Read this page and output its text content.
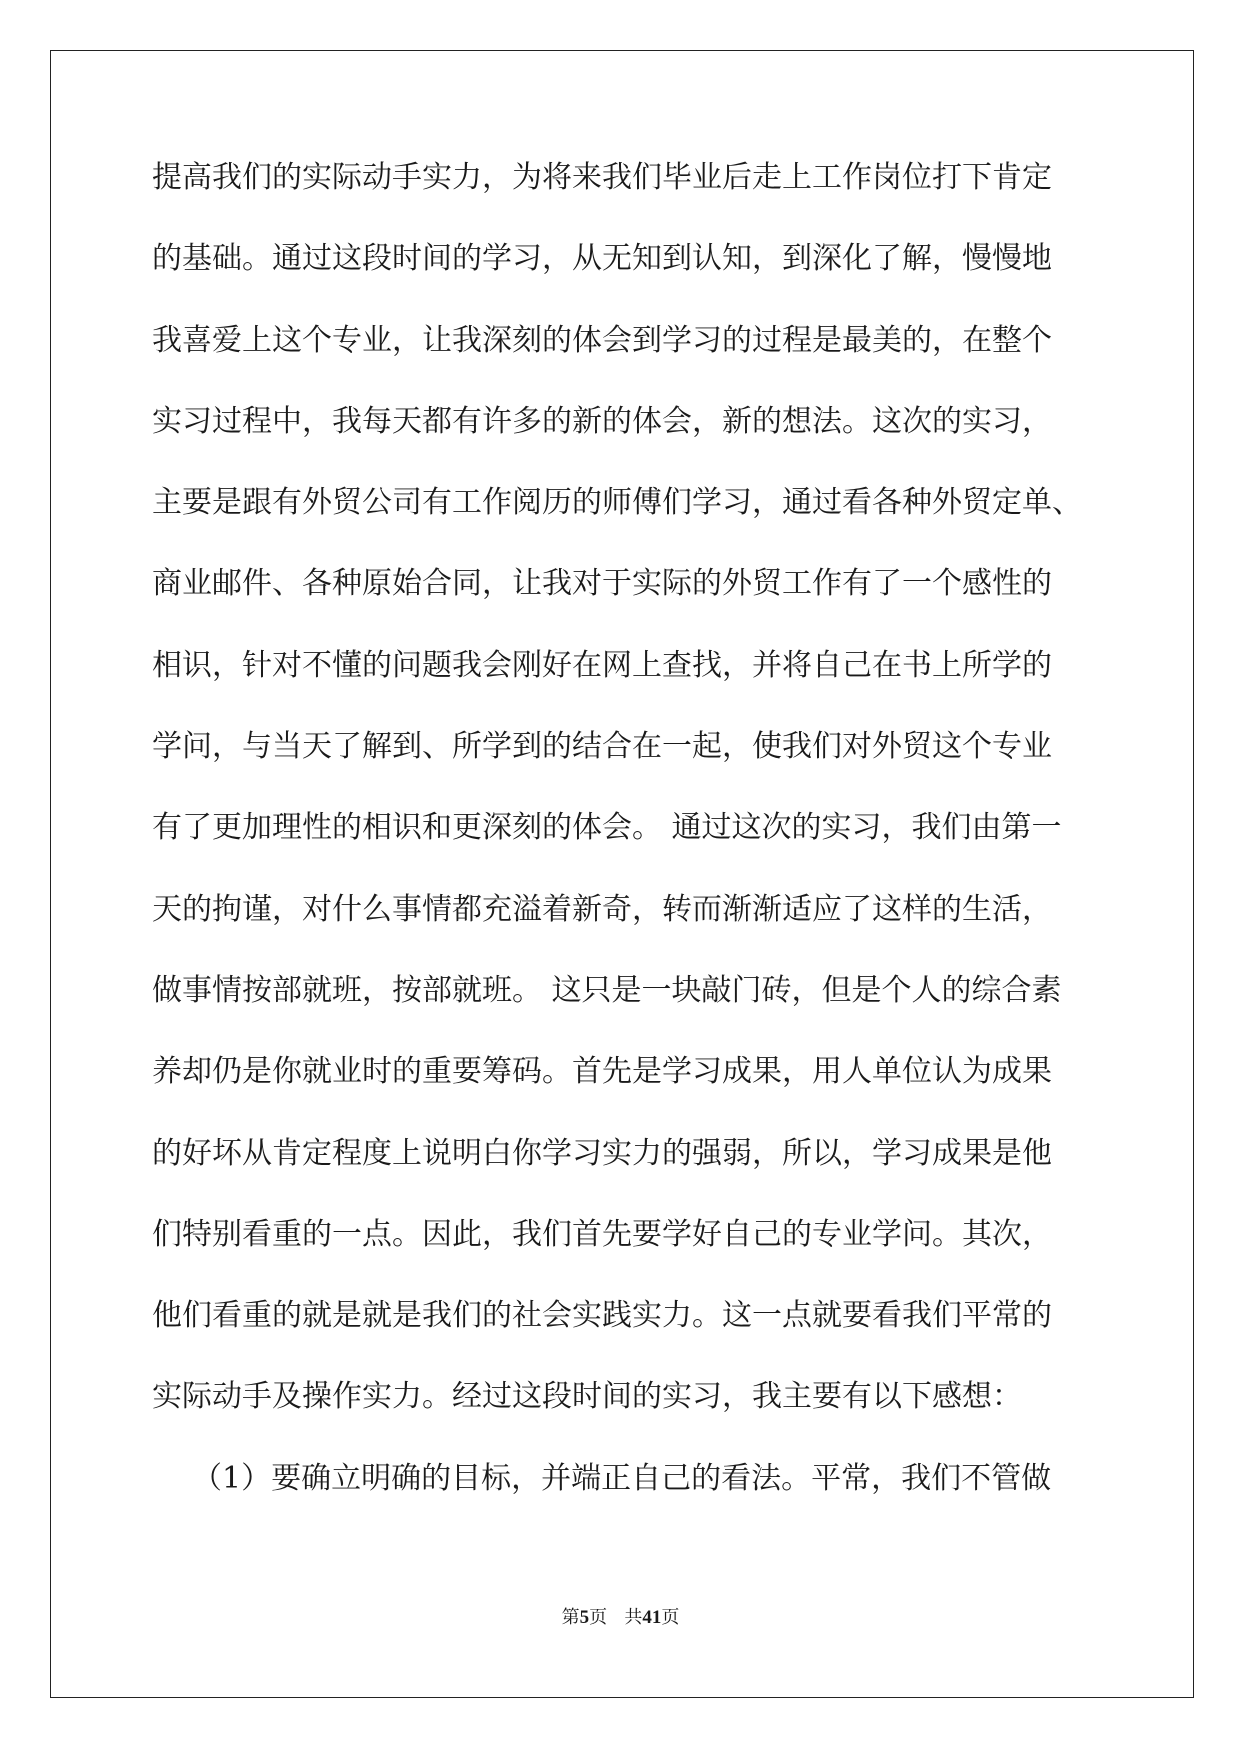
提高我们的实际动手实力，为将来我们毕业后走上工作岗位打下肯定
的基础。通过这段时间的学习，从无知到认知，到深化了解，慢慢地
我喜爱上这个专业，让我深刻的体会到学习的过程是最美的，在整个
实习过程中，我每天都有许多的新的体会，新的想法。这次的实习，
主要是跟有外贸公司有工作阅历的师傅们学习，通过看各种外贸定单、
商业邮件、各种原始合同，让我对于实际的外贸工作有了一个感性的
相识，针对不懂的问题我会刚好在网上查找，并将自己在书上所学的
学问，与当天了解到、所学到的结合在一起，使我们对外贸这个专业
有了更加理性的相识和更深刻的体会。 通过这次的实习，我们由第一
天的拘谨，对什么事情都充溢着新奇，转而渐渐适应了这样的生活，
做事情按部就班，按部就班。 这只是一块敲门砖，但是个人的综合素
养却仍是你就业时的重要筹码。首先是学习成果，用人单位认为成果
的好坏从肯定程度上说明白你学习实力的强弱，所以，学习成果是他
们特别看重的一点。因此，我们首先要学好自己的专业学问。其次，
他们看重的就是就是我们的社会实践实力。这一点就要看我们平常的
实际动手及操作实力。经过这段时间的实习，我主要有以下感想：
（1）要确立明确的目标，并端正自己的看法。平常，我们不管做
第5页 共41页
